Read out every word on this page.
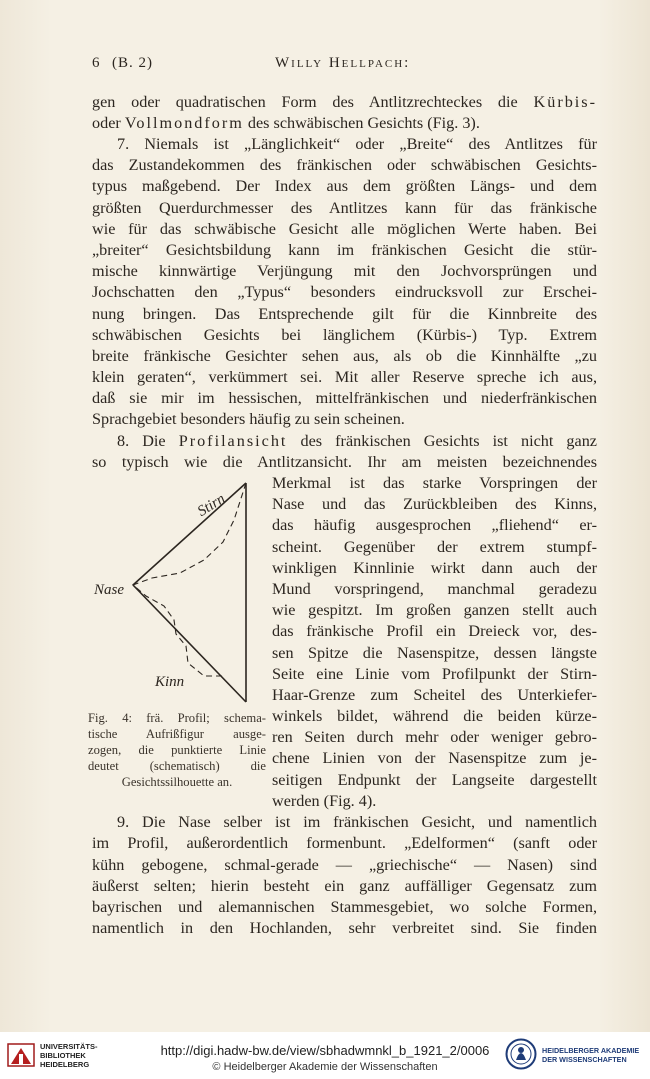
6 (B. 2)	Willy Hellpach:
gen oder quadratischen Form des Antlitzrechteckes die Kürbis-
oder Vollmondform des schwäbischen Gesichts (Fig. 3).
7. Niemals ist „Länglichkeit“ oder „Breite“ des Antlitzes für
das Zustandekommen des fränkischen oder schwäbischen Gesichts-
typus maßgebend. Der Index aus dem größten Längs- und dem
größten Querdurchmesser des Antlitzes kann für das fränkische
wie für das schwäbische Gesicht alle möglichen Werte haben. Bei
„breiter“ Gesichtsbildung kann im fränkischen Gesicht die stür-
mische kinnwärtige Verjüngung mit den Jochvorsprüngen und
Jochschatten den „Typus“ besonders eindrucksvoll zur Erschei-
nung bringen. Das Entsprechende gilt für die Kinnbreite des
schwäbischen Gesichts bei länglichem (Kürbis-) Typ. Extrem
breite fränkische Gesichter sehen aus, als ob die Kinnhälfte „zu
klein geraten“, verkümmert sei. Mit aller Reserve spreche ich aus,
daß sie mir im hessischen, mittelfränkischen und niederfränkischen
Sprachgebiet besonders häufig zu sein scheinen.
8. Die Profilansicht des fränkischen Gesichts ist nicht ganz
so typisch wie die Antlitzansicht. Ihr am meisten bezeichnendes
Merkmal ist das starke Vorspringen der
Nase und das Zurückbleiben des Kinns,
das häufig ausgesprochen „fliehend“ er-
scheint. Gegenüber der extrem stumpf-
winkligen Kinnlinie wirkt dann auch der
Mund vorspringend, manchmal geradezu
wie gespitzt. Im großen ganzen stellt auch
das fränkische Profil ein Dreieck vor, des-
sen Spitze die Nasenspitze, dessen längste
Seite eine Linie vom Profilpunkt der Stirn-
Haar-Grenze zum Scheitel des Unterkiefer-
winkels bildet, während die beiden kürze-
ren Seiten durch mehr oder weniger gebro-
chene Linien von der Nasenspitze zum je-
seitigen Endpunkt der Langseite dargestellt
werden (Fig. 4).
9. Die Nase selber ist im fränkischen Gesicht, und namentlich
im Profil, außerordentlich formenbunt. „Edelformen“ (sanft oder
kühn gebogene, schmal-gerade — „griechische“ — Nasen) sind
äußerst selten; hierin besteht ein ganz auffälliger Gegensatz zum
bayrischen und alemannischen Stammesgebiet, wo solche Formen,
namentlich in den Hochlanden, sehr verbreitet sind. Sie finden
Stirn
Nase
Kinn
Fig. 4: frä. Profil; schema-
tische Aufrißfigur ausge-
zogen, die punktierte Linie
deutet (schematisch) die
Gesichtssilhouette an.
UNIVERSITÄTS-
BIBLIOTHEK
HEIDELBERG
http://digi.hadw-bw.de/view/sbhadwmnkl_b_1921_2/0006
© Heidelberger Akademie der Wissenschaften
HEIDELBERGER AKADEMIE
DER WISSENSCHAFTEN
